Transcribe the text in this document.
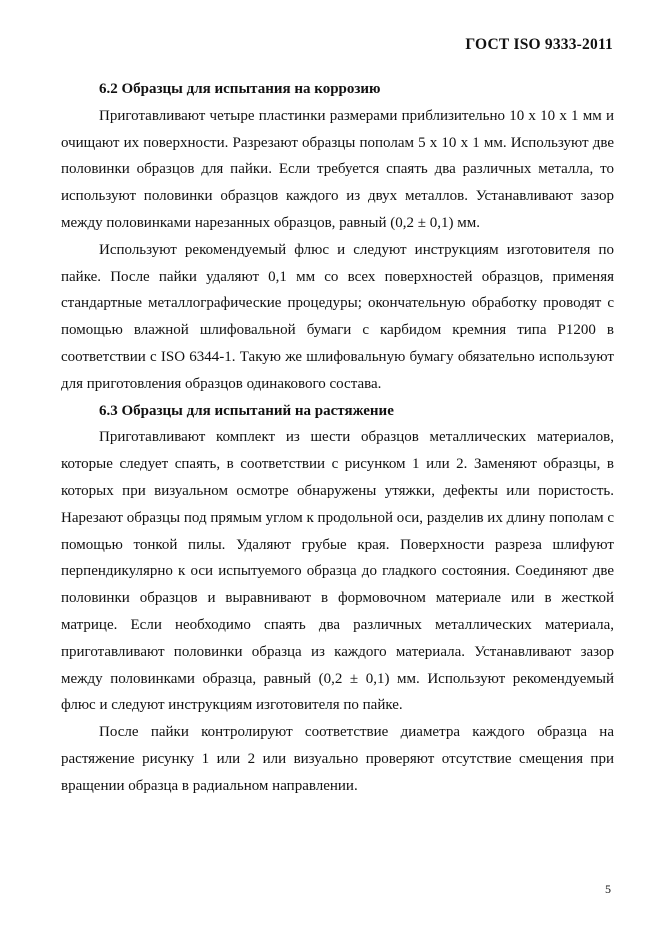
ГОСТ ISO 9333-2011
6.2 Образцы для испытания на коррозию

Приготавливают четыре пластинки размерами приблизительно 10 х 10 х 1 мм и очищают их поверхности. Разрезают образцы пополам 5 х 10 х 1 мм. Используют две половинки образцов для пайки. Если требуется спаять два различных металла, то используют половинки образцов каждого из двух металлов. Устанавливают зазор между половинками нарезанных образцов, равный (0,2 ± 0,1) мм.

Используют рекомендуемый флюс и следуют инструкциям изготовителя по пайке. После пайки удаляют 0,1 мм со всех поверхностей образцов, применяя стандартные металлографические процедуры; окончательную обработку проводят с помощью влажной шлифовальной бумаги с карбидом кремния типа Р1200 в соответствии с ISO 6344-1. Такую же шлифовальную бумагу обязательно используют для приготовления образцов одинакового состава.

6.3 Образцы для испытаний на растяжение

Приготавливают комплект из шести образцов металлических материалов, которые следует спаять, в соответствии с рисунком 1 или 2. Заменяют образцы, в которых при визуальном осмотре обнаружены утяжки, дефекты или пористость. Нарезают образцы под прямым углом к продольной оси, разделив их длину пополам с помощью тонкой пилы. Удаляют грубые края. Поверхности разреза шлифуют перпендикулярно к оси испытуемого образца до гладкого состояния. Соединяют две половинки образцов и выравнивают в формовочном материале или в жесткой матрице. Если необходимо спаять два различных металлических материала, приготавливают половинки образца из каждого материала. Устанавливают зазор между половинками образца, равный (0,2 ± 0,1) мм. Используют рекомендуемый флюс и следуют инструкциям изготовителя по пайке.

После пайки контролируют соответствие диаметра каждого образца на растяжение рисунку 1 или 2 или визуально проверяют отсутствие смещения при вращении образца в радиальном направлении.

5
